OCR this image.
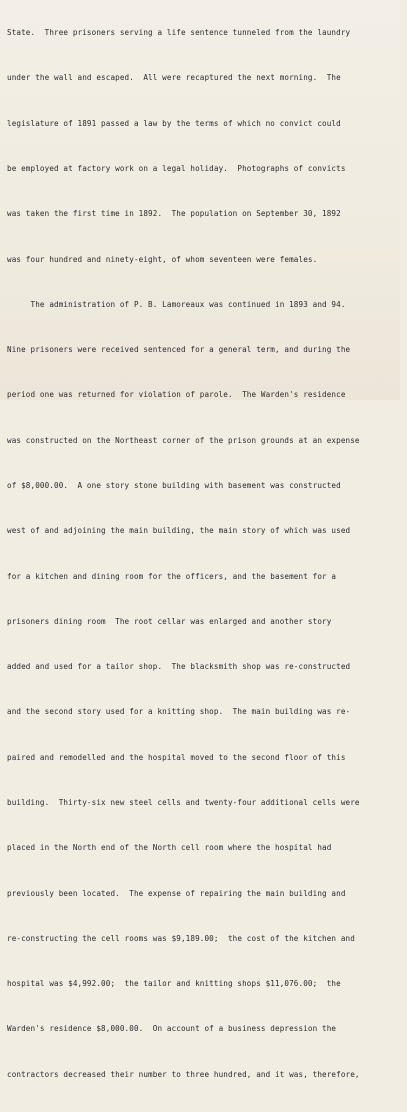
State.  Three prisoners serving a life sentence tunneled from the laundry

under the wall and escaped.  All were recaptured the next morning.  The

legislature of 1891 passed a law by the terms of which no convict could

be employed at factory work on a legal holiday.  Photographs of convicts

was taken the first time in 1892.  The population on September 30, 1892

was four hundred and ninety-eight, of whom seventeen were females.

The administration of P. B. Lamoreaux was continued in 1893 and 94.

Nine prisoners were received sentenced for a general term, and during the

period one was returned for violation of parole.  The Warden's residence

was constructed on the Northeast corner of the prison grounds at an expense

of $8,000.00.  A one story stone building with basement was constructed

west of and adjoining the main building, the main story of which was used

for a kitchen and dining room for the officers, and the basement for a

prisoners dining room  The root cellar was enlarged and another story

added and used for a tailor shop.  The blacksmith shop was re-constructed

and the second story used for a knitting shop.  The main building was re-

paired and remodelled and the hospital moved to the second floor of this

building.  Thirty-six new steel cells and twenty-four additional cells were

placed in the North end of the North cell room where the hospital had

previously been located.  The expense of repairing the main building and

re-constructing the cell rooms was $9,189.00;  the cost of the kitchen and

hospital was $4,992.00;  the tailor and knitting shops $11,076.00;  the

Warden's residence $8,000.00.  On account of a business depression the

contractors decreased their number to three hundred, and it was, therefore,
